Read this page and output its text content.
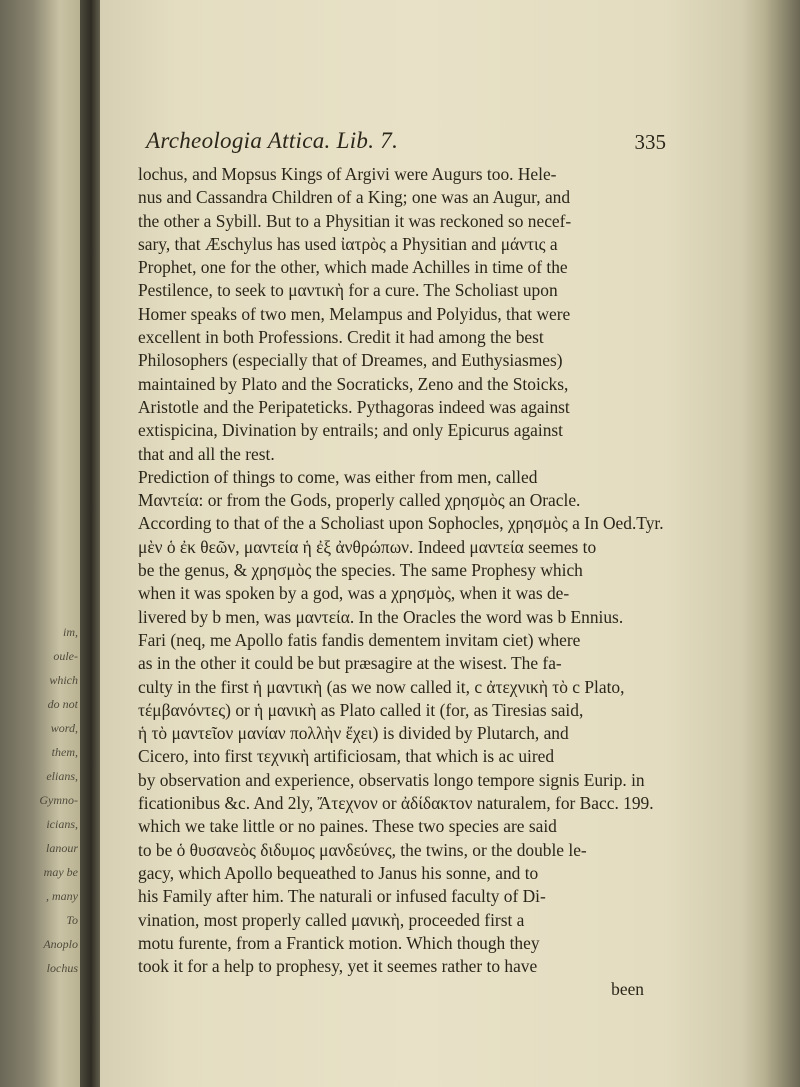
im,
oule-
which
do not
word,
them,
elians,
Gymno-
icians,
lanour
may be
, many
To
Anoplo
lochus
Archeologia Attica. Lib. 7.	335
lochus, and Mopsus Kings of Argivi were Augurs too. Hele-
nus and Cassandra Children of a King; one was an Augur, and
the other a Sybill. But to a Physitian it was reckoned so necef-
sary, that Æschylus has used ἰατρὸς a Physitian and μάντις a
Prophet, one for the other, which made Achilles in time of the
Pestilence, to seek to μαντικὴ for a cure. The Scholiast upon
Homer speaks of two men, Melampus and Polyidus, that were
excellent in both Professions. Credit it had among the best
Philosophers (especially that of Dreames, and Euthysiasmes)
maintained by Plato and the Socraticks, Zeno and the Stoicks,
Aristotle and the Peripateticks. Pythagoras indeed was against
extispicina, Divination by entrails; and only Epicurus against
that and all the rest.
Prediction of things to come, was either from men, called
Μαντεία: or from the Gods, properly called χρησμὸς an Oracle.
According to that of the a Scholiast upon Sophocles, χρησμὸς a In Oed.Tyr.
μὲν ὁ ἐκ θεῶν, μαντεία ἡ ἐξ ἀνθρώπων. Indeed μαντεία seemes to
be the genus, & χρησμὸς the species. The same Prophesy which
when it was spoken by a god, was a χρησμὸς, when it was de-
livered by b men, was μαντεία. In the Oracles the word was b Ennius.
Fari (neq, me Apollo fatis fandis dementem invitam ciet) where
as in the other it could be but præsagire at the wisest. The fa-
culty in the first ἡ μαντικὴ (as we now called it, c ἀτεχνικὴ τὸ c Plato,
τέμβανόντες) or ἡ μανικὴ as Plato called it (for, as Tiresias said,
ἡ τὸ μαντεῖον μανίαν πολλὴν ἔχει) is divided by Plutarch, and
Cicero, into first τεχνικὴ artificiosam, that which is ac uired
by observation and experience, observatis longo tempore signis Eurip. in
ficationibus &c. And 2ly, Ἄτεχνον or ἀδίδακτον naturalem, for Bacc. 199.
which we take little or no paines. These two species are said
to be ὁ θυσανεὸς διδυμος μανδεύνες, the twins, or the double le-
gacy, which Apollo bequeathed to Janus his sonne, and to
his Family after him. The naturali or infused faculty of Di-
vination, most properly called μανικὴ, proceeded first a
motu furente, from a Frantick motion. Which though they
took it for a help to prophesy, yet it seemes rather to have
been
